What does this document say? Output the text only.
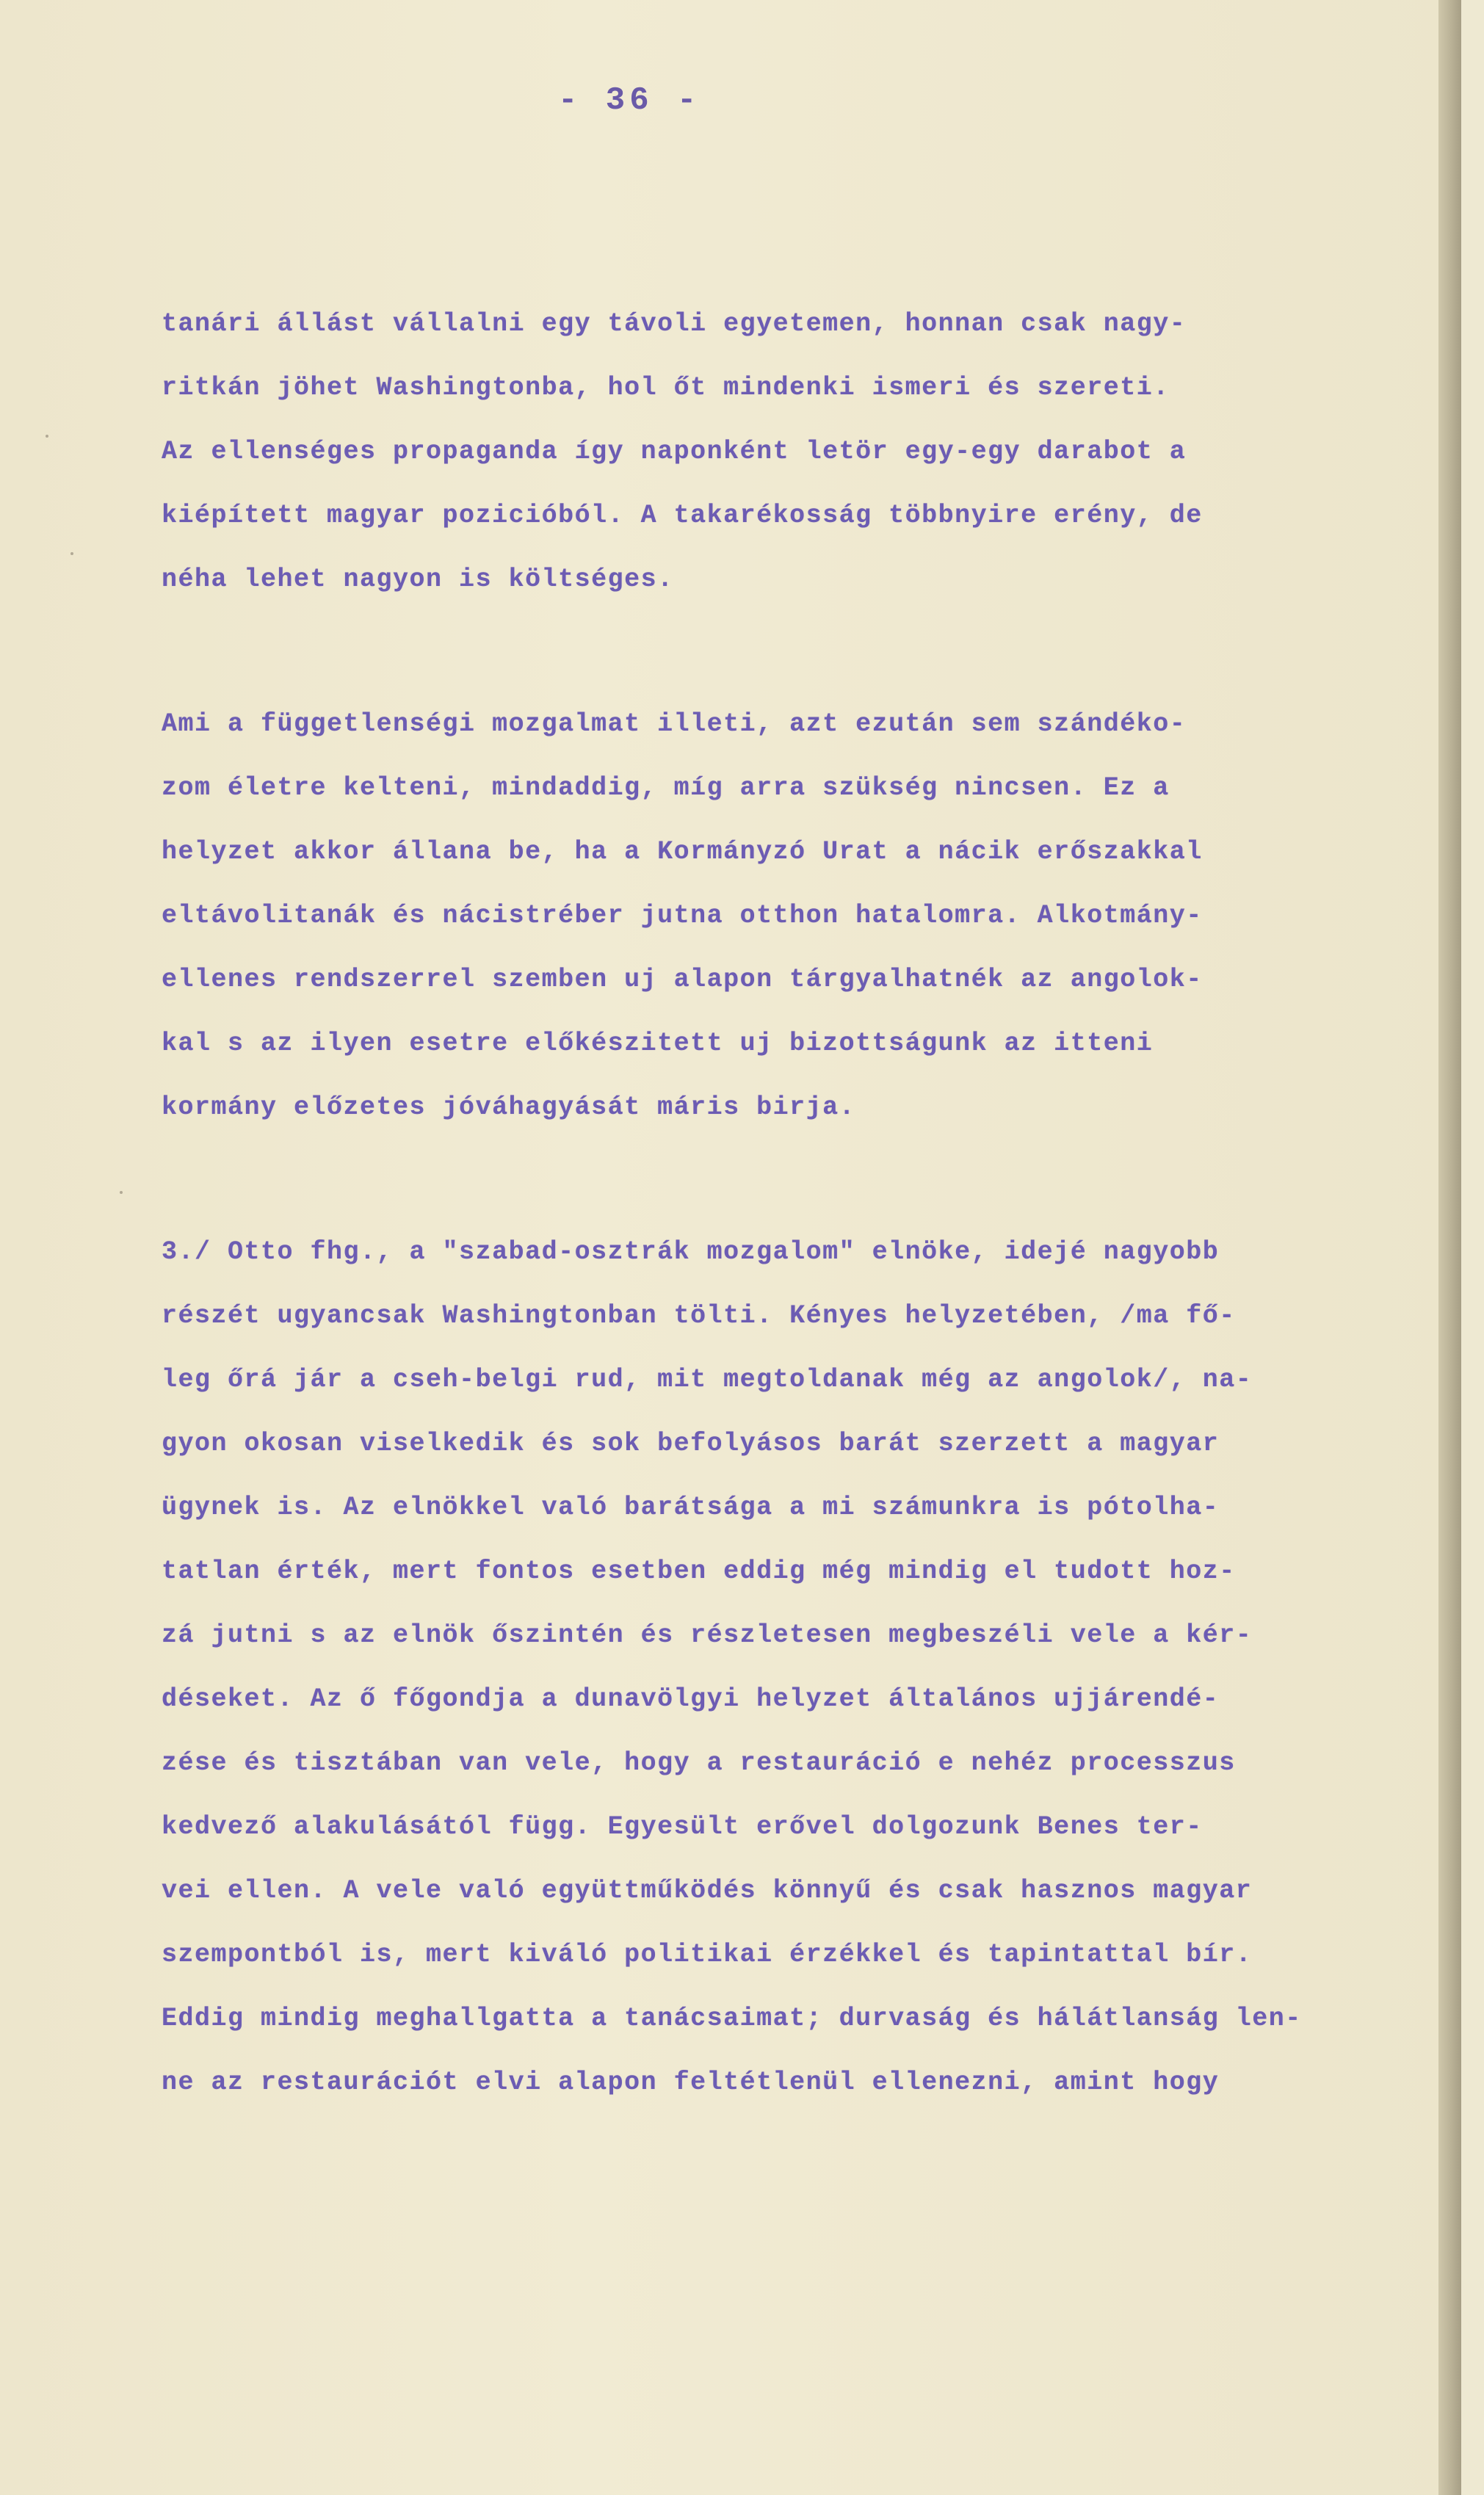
- 36 -

tanári állást vállalni egy távoli egyetemen, honnan csak nagy-
ritkán jöhet Washingtonba, hol őt mindenki ismeri és szereti.
Az ellenséges propaganda így naponként letör egy-egy darabot a
kiépített magyar pozicióból. A takarékosság többnyire erény, de
néha lehet nagyon is költséges.

Ami a függetlenségi mozgalmat illeti, azt ezután sem szándéko-
zom életre kelteni, mindaddig, míg arra szükség nincsen. Ez a
helyzet akkor állana be, ha a Kormányzó Urat a nácik erőszakkal
eltávolitanák és nácistréber jutna otthon hatalomra. Alkotmány-
ellenes rendszerrel szemben uj alapon tárgyalhatnék az angolok-
kal s az ilyen esetre előkészitett uj bizottságunk az itteni
kormány előzetes jóváhagyását máris birja.

3./ Otto fhg., a "szabad-osztrák mozgalom" elnöke, idejé nagyobb
részét ugyancsak Washingtonban tölti. Kényes helyzetében, /ma fő-
leg őrá jár a cseh-belgi rud, mit megtoldanak még az angolok/, na-
gyon okosan viselkedik és sok befolyásos barát szerzett a magyar
ügynek is. Az elnökkel való barátsága a mi számunkra is pótolha-
tatlan érték, mert fontos esetben eddig még mindig el tudott hoz-
zá jutni s az elnök őszintén és részletesen megbeszéli vele a kér-
déseket. Az ő főgondja a dunavölgyi helyzet általános ujjárendé-
zése és tisztában van vele, hogy a restauráció e nehéz processzus
kedvező alakulásától függ. Egyesült erővel dolgozunk Benes ter-
vei ellen. A vele való együttműködés könnyű és csak hasznos magyar
szempontból is, mert kiváló politikai érzékkel és tapintattal bír.
Eddig mindig meghallgatta a tanácsaimat; durvaság és hálátlanság len-
ne az restaurációt elvi alapon feltétlenül ellenezni, amint hogy
